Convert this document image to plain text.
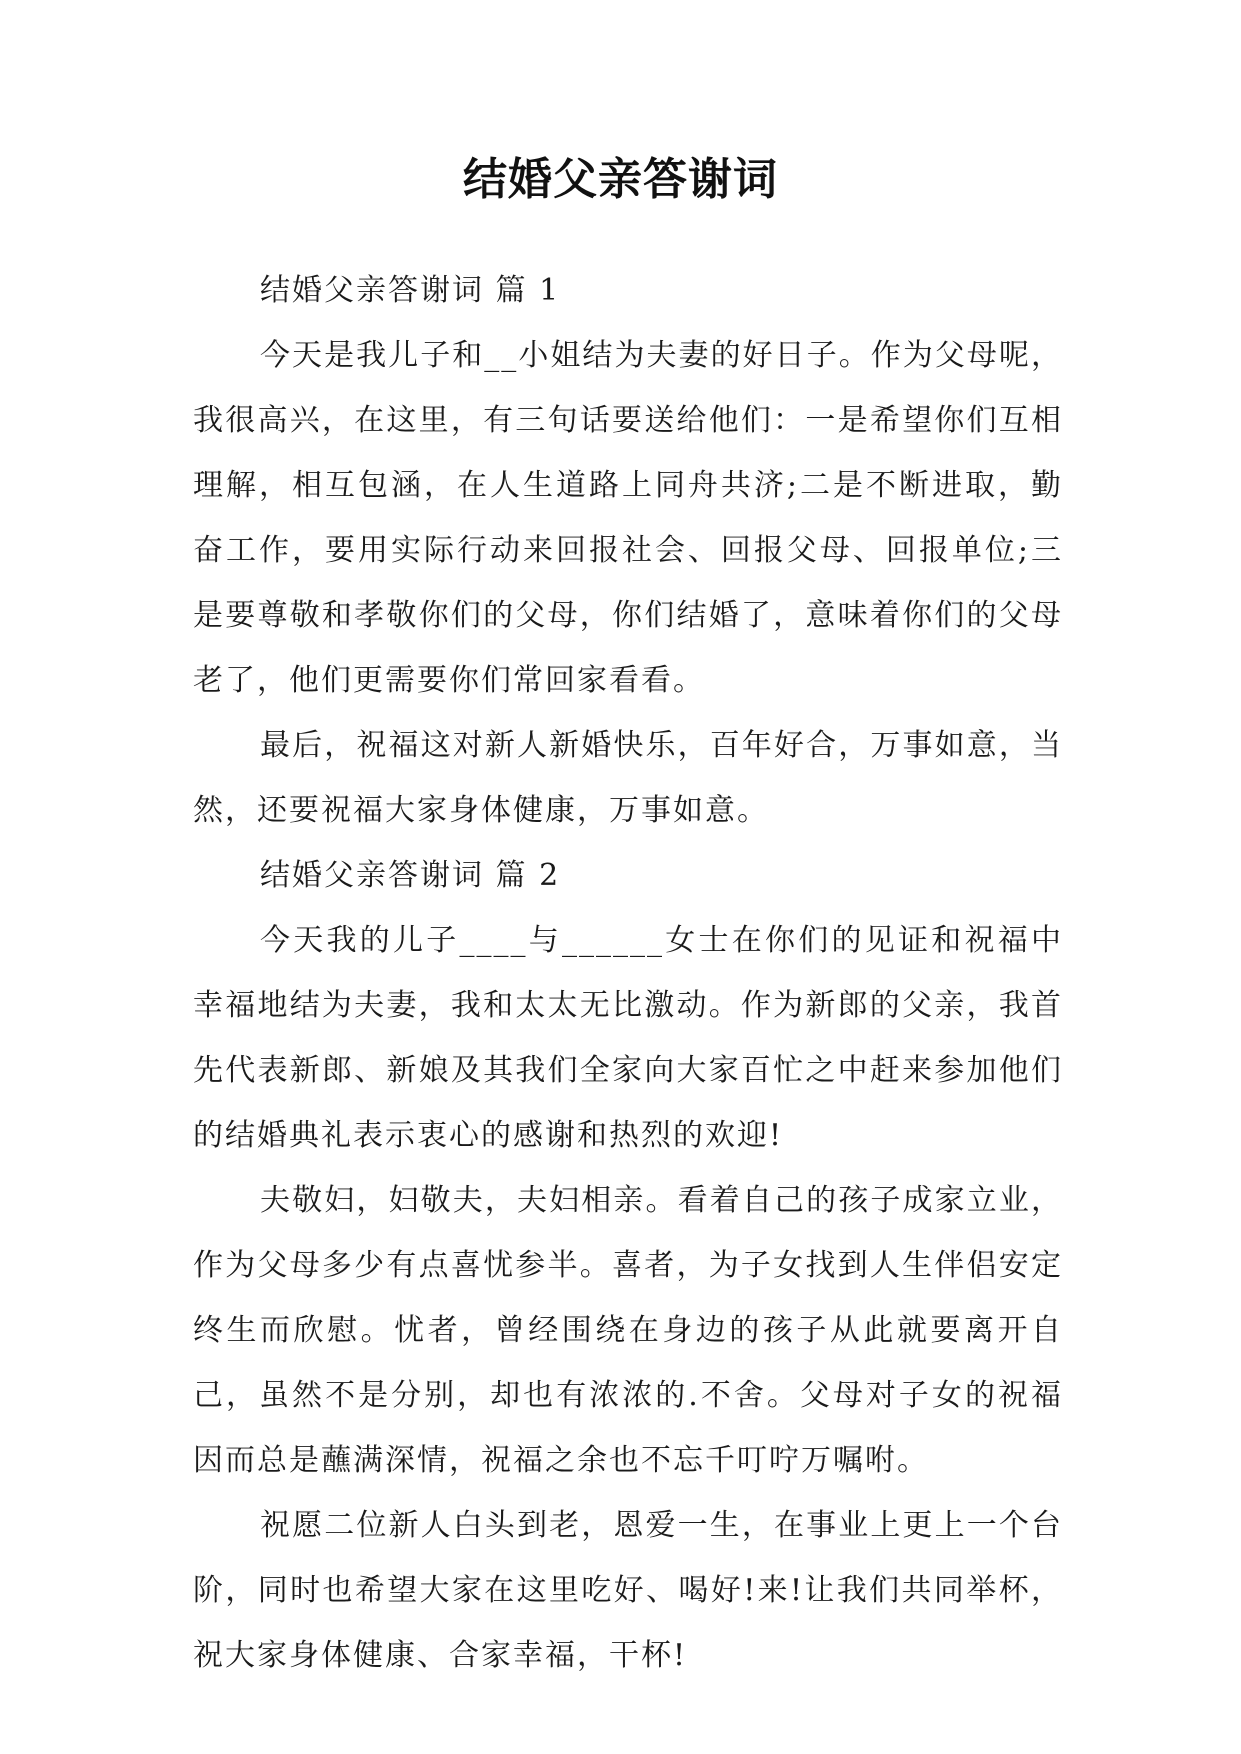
结婚父亲答谢词

结婚父亲答谢词 篇 1

今天是我儿子和__小姐结为夫妻的好日子。作为父母呢，我很高兴，在这里，有三句话要送给他们：一是希望你们互相理解，相互包涵，在人生道路上同舟共济;二是不断进取，勤奋工作，要用实际行动来回报社会、回报父母、回报单位;三是要尊敬和孝敬你们的父母，你们结婚了，意味着你们的父母老了，他们更需要你们常回家看看。

最后，祝福这对新人新婚快乐，百年好合，万事如意，当然，还要祝福大家身体健康，万事如意。

结婚父亲答谢词 篇 2

今天我的儿子____与______女士在你们的见证和祝福中幸福地结为夫妻，我和太太无比激动。作为新郎的父亲，我首先代表新郎、新娘及其我们全家向大家百忙之中赶来参加他们的结婚典礼表示衷心的感谢和热烈的欢迎!

夫敬妇，妇敬夫，夫妇相亲。看着自己的孩子成家立业，作为父母多少有点喜忧参半。喜者，为子女找到人生伴侣安定终生而欣慰。忧者，曾经围绕在身边的孩子从此就要离开自己，虽然不是分别，却也有浓浓的.不舍。父母对子女的祝福因而总是蘸满深情，祝福之余也不忘千叮咛万嘱咐。

祝愿二位新人白头到老，恩爱一生，在事业上更上一个台阶，同时也希望大家在这里吃好、喝好!来!让我们共同举杯，祝大家身体健康、合家幸福，干杯!
